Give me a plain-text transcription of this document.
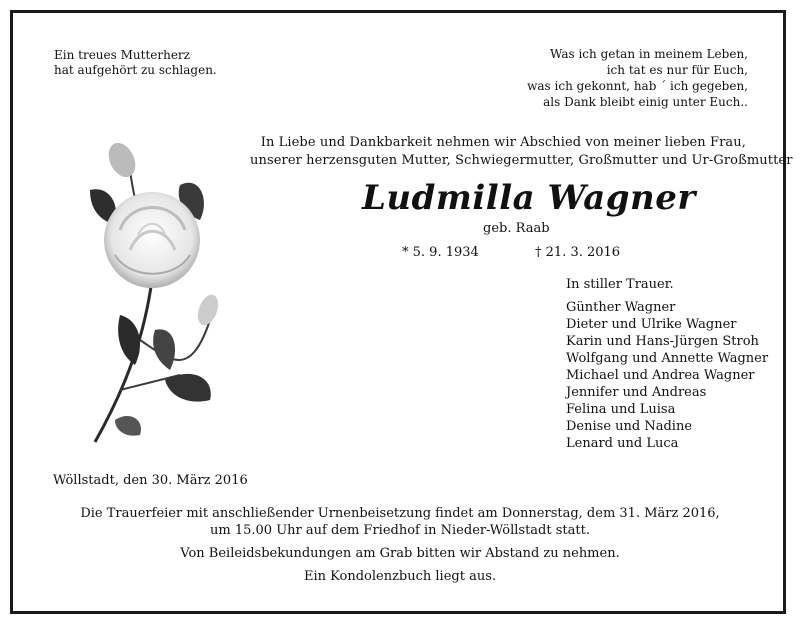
Ein treues Mutterherz
hat aufgehört zu schlagen.
Was ich getan in meinem Leben,
ich tat es nur für Euch,
was ich gekonnt, hab ´ ich gegeben,
als Dank bleibt einig unter Euch..
In Liebe und Dankbarkeit nehmen wir Abschied von meiner lieben Frau,
unserer herzensguten Mutter, Schwiegermutter, Großmutter und Ur-Großmutter
Ludmilla Wagner
geb. Raab
* 5. 9. 1934	† 21. 3. 2016
In stiller Trauer.
Günther Wagner
Dieter und Ulrike Wagner
Karin und Hans-Jürgen Stroh
Wolfgang und Annette Wagner
Michael und Andrea Wagner
Jennifer und Andreas
Felina und Luisa
Denise und Nadine
Lenard und Luca
Wöllstadt, den 30. März 2016

Die Trauerfeier mit anschließender Urnenbeisetzung findet am Donnerstag, dem 31. März 2016,

um 15.00 Uhr auf dem Friedhof in Nieder-Wöllstadt statt.

Von Beileidsbekundungen am Grab bitten wir Abstand zu nehmen.

Ein Kondolenzbuch liegt aus.
